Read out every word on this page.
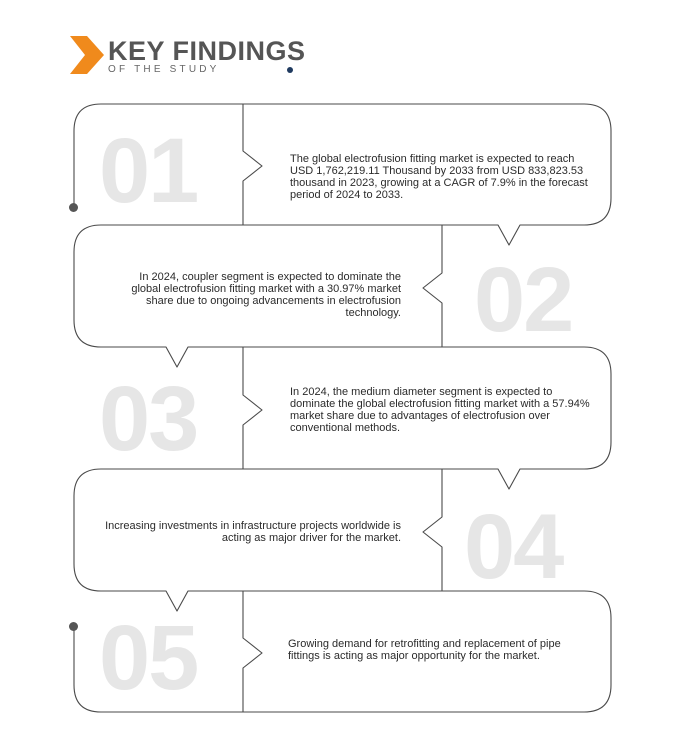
KEY FINDINGS
OF THE STUDY
01	The global electrofusion fitting market is expected to reach USD 1,762,219.11 Thousand by 2033 from USD 833,823.53 thousand in 2023, growing at a CAGR of 7.9% in the forecast period of 2024 to 2033.
02
In 2024, coupler segment is expected to dominate the global electrofusion fitting market with a 30.97% market share due to ongoing advancements in electrofusion technology.
03	In 2024, the medium diameter segment is expected to dominate the global electrofusion fitting market with a 57.94% market share due to advantages of electrofusion over conventional methods.
04
Increasing investments in infrastructure projects worldwide is acting as major driver for the market.
05	Growing demand for retrofitting and replacement of pipe fittings is acting as major opportunity for the market.
